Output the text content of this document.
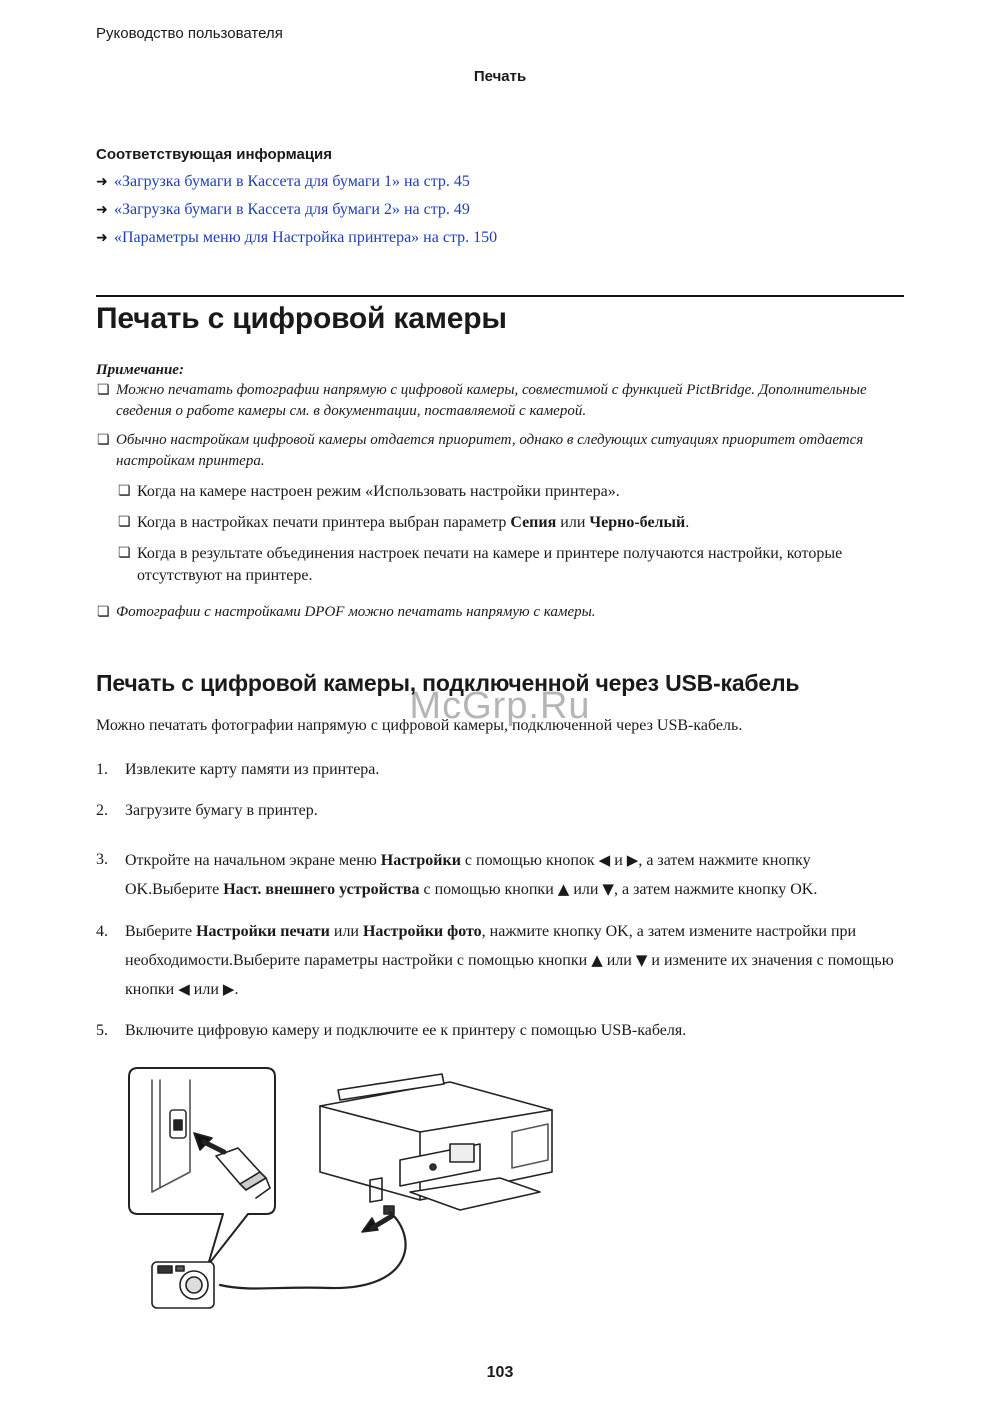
Руководство пользователя
Печать
Соответствующая информация
➜ «Загрузка бумаги в Кассета для бумаги 1» на стр. 45
➜ «Загрузка бумаги в Кассета для бумаги 2» на стр. 49
➜ «Параметры меню для Настройка принтера» на стр. 150
Печать с цифровой камеры
Примечание:
❏ Можно печатать фотографии напрямую с цифровой камеры, совместимой с функцией PictBridge. Дополнительные сведения о работе камеры см. в документации, поставляемой с камерой.
❏ Обычно настройкам цифровой камеры отдается приоритет, однако в следующих ситуациях приоритет отдается настройкам принтера.
❏ Когда на камере настроен режим «Использовать настройки принтера».
❏ Когда в настройках печати принтера выбран параметр Сепия или Черно-белый.
❏ Когда в результате объединения настроек печати на камере и принтере получаются настройки, которые отсутствуют на принтере.
❏ Фотографии с настройками DPOF можно печатать напрямую с камеры.
McGrp.Ru
Печать с цифровой камеры, подключенной через USB-кабель
Можно печатать фотографии напрямую с цифровой камеры, подключенной через USB-кабель.
1. Извлеките карту памяти из принтера.
2. Загрузите бумагу в принтер.
3. Откройте на начальном экране меню Настройки с помощью кнопок ◀ и ▶, а затем нажмите кнопку OK.Выберите Наст. внешнего устройства с помощью кнопки ▲ или ▼, а затем нажмите кнопку OK.
4. Выберите Настройки печати или Настройки фото, нажмите кнопку OK, а затем измените настройки при необходимости.Выберите параметры настройки с помощью кнопки ▲ или ▼ и измените их значения с помощью кнопки ◀ или ▶.
5. Включите цифровую камеру и подключите ее к принтеру с помощью USB-кабеля.
103
